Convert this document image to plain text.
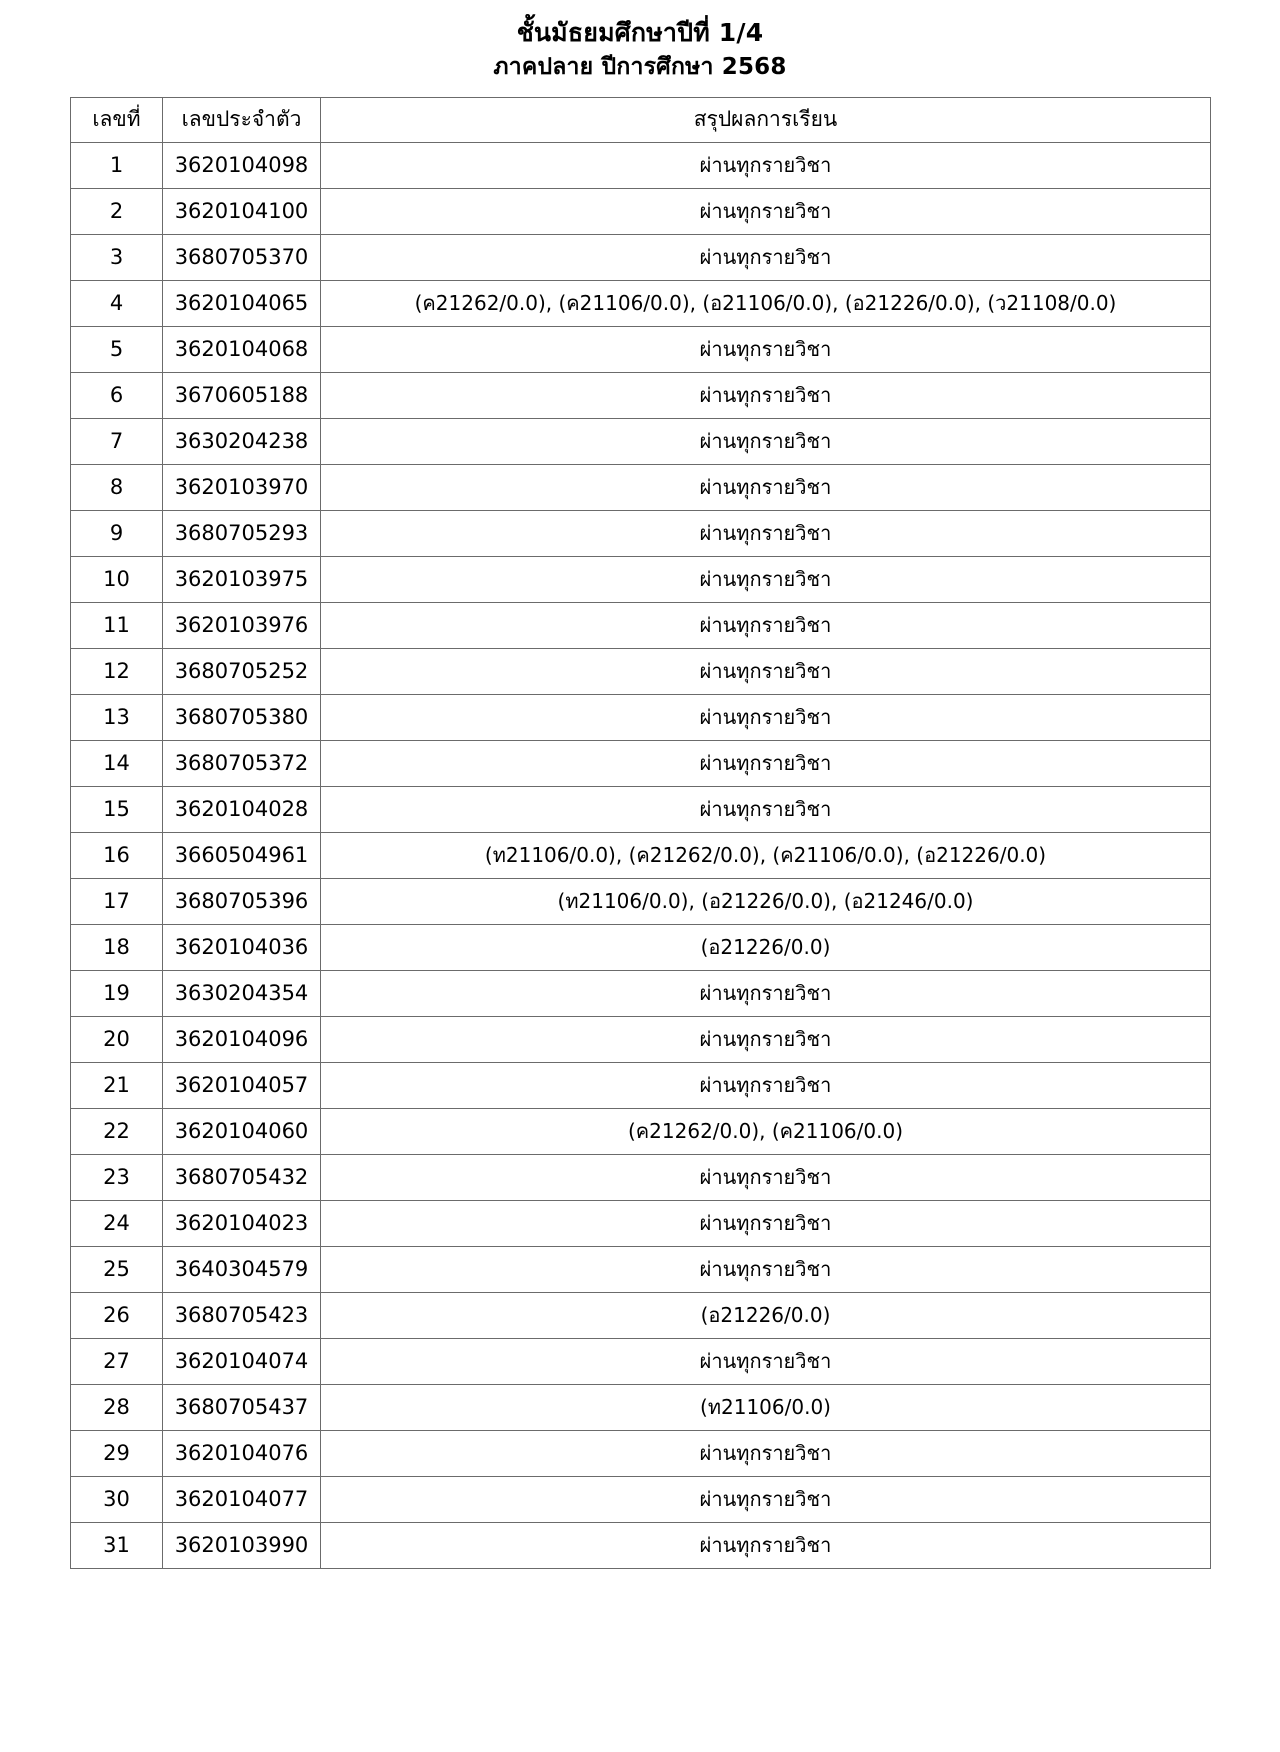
ชั้นมัธยมศึกษาปีที่ 1/4
ภาคปลาย ปีการศึกษา 2568
เลขที่	เลขประจำตัว	สรุปผลการเรียน
1	3620104098	ผ่านทุกรายวิชา
2	3620104100	ผ่านทุกรายวิชา
3	3680705370	ผ่านทุกรายวิชา
4	3620104065	(ค21262/0.0), (ค21106/0.0), (อ21106/0.0), (อ21226/0.0), (ว21108/0.0)
5	3620104068	ผ่านทุกรายวิชา
6	3670605188	ผ่านทุกรายวิชา
7	3630204238	ผ่านทุกรายวิชา
8	3620103970	ผ่านทุกรายวิชา
9	3680705293	ผ่านทุกรายวิชา
10	3620103975	ผ่านทุกรายวิชา
11	3620103976	ผ่านทุกรายวิชา
12	3680705252	ผ่านทุกรายวิชา
13	3680705380	ผ่านทุกรายวิชา
14	3680705372	ผ่านทุกรายวิชา
15	3620104028	ผ่านทุกรายวิชา
16	3660504961	(ท21106/0.0), (ค21262/0.0), (ค21106/0.0), (อ21226/0.0)
17	3680705396	(ท21106/0.0), (อ21226/0.0), (อ21246/0.0)
18	3620104036	(อ21226/0.0)
19	3630204354	ผ่านทุกรายวิชา
20	3620104096	ผ่านทุกรายวิชา
21	3620104057	ผ่านทุกรายวิชา
22	3620104060	(ค21262/0.0), (ค21106/0.0)
23	3680705432	ผ่านทุกรายวิชา
24	3620104023	ผ่านทุกรายวิชา
25	3640304579	ผ่านทุกรายวิชา
26	3680705423	(อ21226/0.0)
27	3620104074	ผ่านทุกรายวิชา
28	3680705437	(ท21106/0.0)
29	3620104076	ผ่านทุกรายวิชา
30	3620104077	ผ่านทุกรายวิชา
31	3620103990	ผ่านทุกรายวิชา
